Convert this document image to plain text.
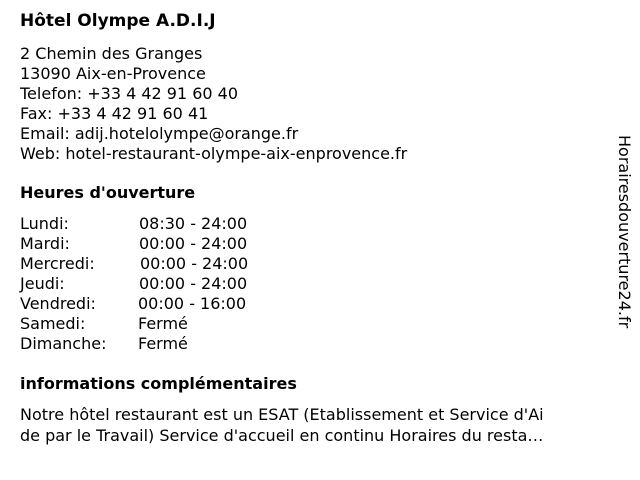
Hôtel Olympe A.D.I.J
2 Chemin des Granges
13090 Aix-en-Provence
Telefon: +33 4 42 91 60 40
Fax: +33 4 42 91 60 41
Email: adij.hotelolympe@orange.fr
Web: hotel-restaurant-olympe-aix-enprovence.fr
Heures d'ouverture
Lundi:	08:30 - 24:00
Mardi:	00:00 - 24:00
Mercredi:	00:00 - 24:00
Jeudi:	00:00 - 24:00
Vendredi:	00:00 - 16:00
Samedi:	Fermé
Dimanche: Fermé
informations complémentaires
Notre hôtel restaurant est un ESAT (Etablissement et Service d'Ai
de par le Travail) Service d'accueil en continu Horaires du resta…
Horairesdouverture24.fr
